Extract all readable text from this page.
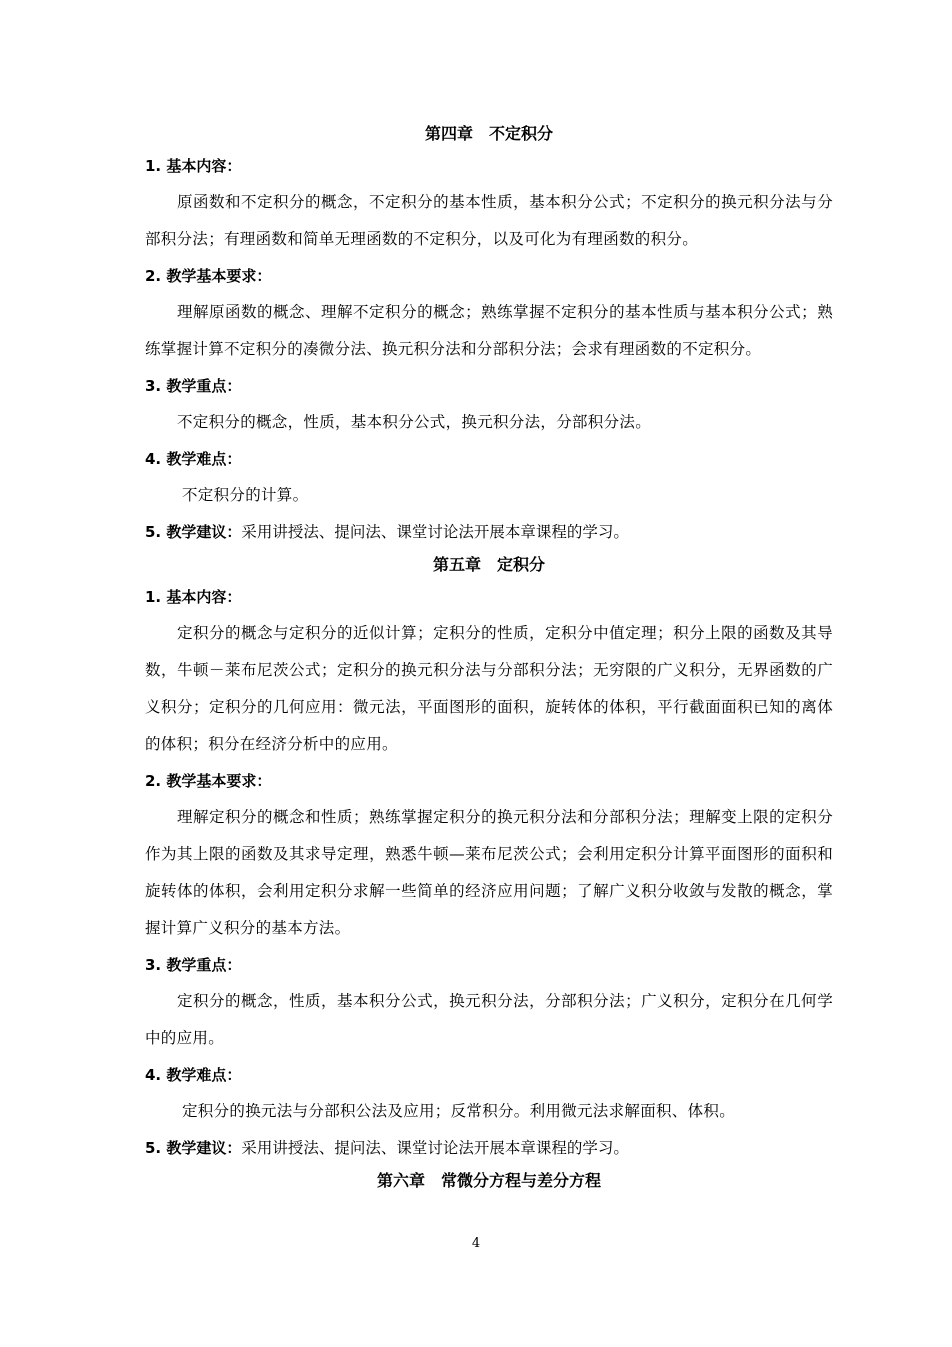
第四章　不定积分
1. 基本内容：

原函数和不定积分的概念，不定积分的基本性质，基本积分公式；不定积分的换元积分法与分部积分法；有理函数和简单无理函数的不定积分，以及可化为有理函数的积分。

2. 教学基本要求：

理解原函数的概念、理解不定积分的概念；熟练掌握不定积分的基本性质与基本积分公式；熟练掌握计算不定积分的凑微分法、换元积分法和分部积分法；会求有理函数的不定积分。

3. 教学重点：

不定积分的概念，性质，基本积分公式，换元积分法，分部积分法。

4. 教学难点：

不定积分的计算。

5. 教学建议：采用讲授法、提问法、课堂讨论法开展本章课程的学习。

第五章　定积分
1. 基本内容：

定积分的概念与定积分的近似计算；定积分的性质，定积分中值定理；积分上限的函数及其导数，牛顿－莱布尼茨公式；定积分的换元积分法与分部积分法；无穷限的广义积分，无界函数的广义积分；定积分的几何应用：微元法，平面图形的面积，旋转体的体积，平行截面面积已知的离体的体积；积分在经济分析中的应用。

2. 教学基本要求：

理解定积分的概念和性质；熟练掌握定积分的换元积分法和分部积分法；理解变上限的定积分作为其上限的函数及其求导定理，熟悉牛顿—莱布尼茨公式；会利用定积分计算平面图形的面积和旋转体的体积，会利用定积分求解一些简单的经济应用问题；了解广义积分收敛与发散的概念，掌握计算广义积分的基本方法。

3. 教学重点：

定积分的概念，性质，基本积分公式，换元积分法，分部积分法；广义积分，定积分在几何学中的应用。

4. 教学难点：

定积分的换元法与分部积公法及应用；反常积分。利用微元法求解面积、体积。

5. 教学建议：采用讲授法、提问法、课堂讨论法开展本章课程的学习。

第六章　常微分方程与差分方程
4
